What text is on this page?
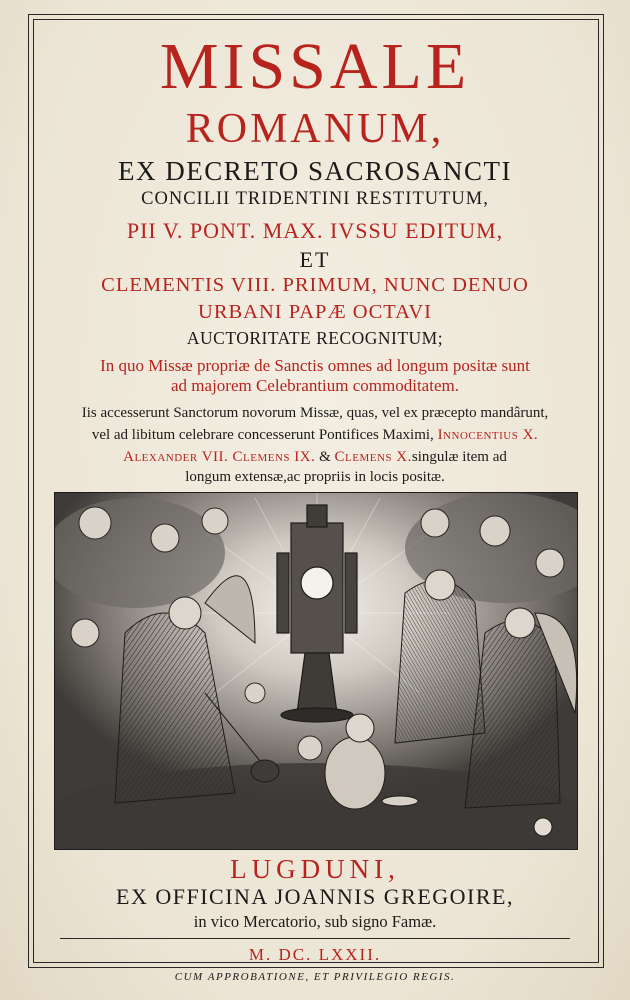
MISSALE
ROMANUM,
EX DECRETO SACROSANCTI
CONCILII TRIDENTINI RESTITUTUM,
PII V. PONT. MAX. IVSSU EDITUM,
ET
CLEMENTIS VIII. PRIMUM, NUNC DENUO
URBANI PAPÆ OCTAVI
AUCTORITATE RECOGNITUM;
In quo Missæ propriæ de Sanctis omnes ad longum positæ sunt
ad majorem Celebrantium commoditatem.
Iis accesserunt Sanctorum novorum Missæ, quas, vel ex præcepto mandârunt,
vel ad libitum celebrare concesserunt Pontifices Maximi, Innocentius X.
Alexander VII. Clemens IX. & Clemens X.singulæ item ad
longum extensæ,ac propriis in locis positæ.
LUGDUNI,
EX OFFICINA JOANNIS GREGOIRE,
in vico Mercatorio, sub signo Famæ.
M. DC. LXXII.
CUM APPROBATIONE, ET PRIVILEGIO REGIS.
